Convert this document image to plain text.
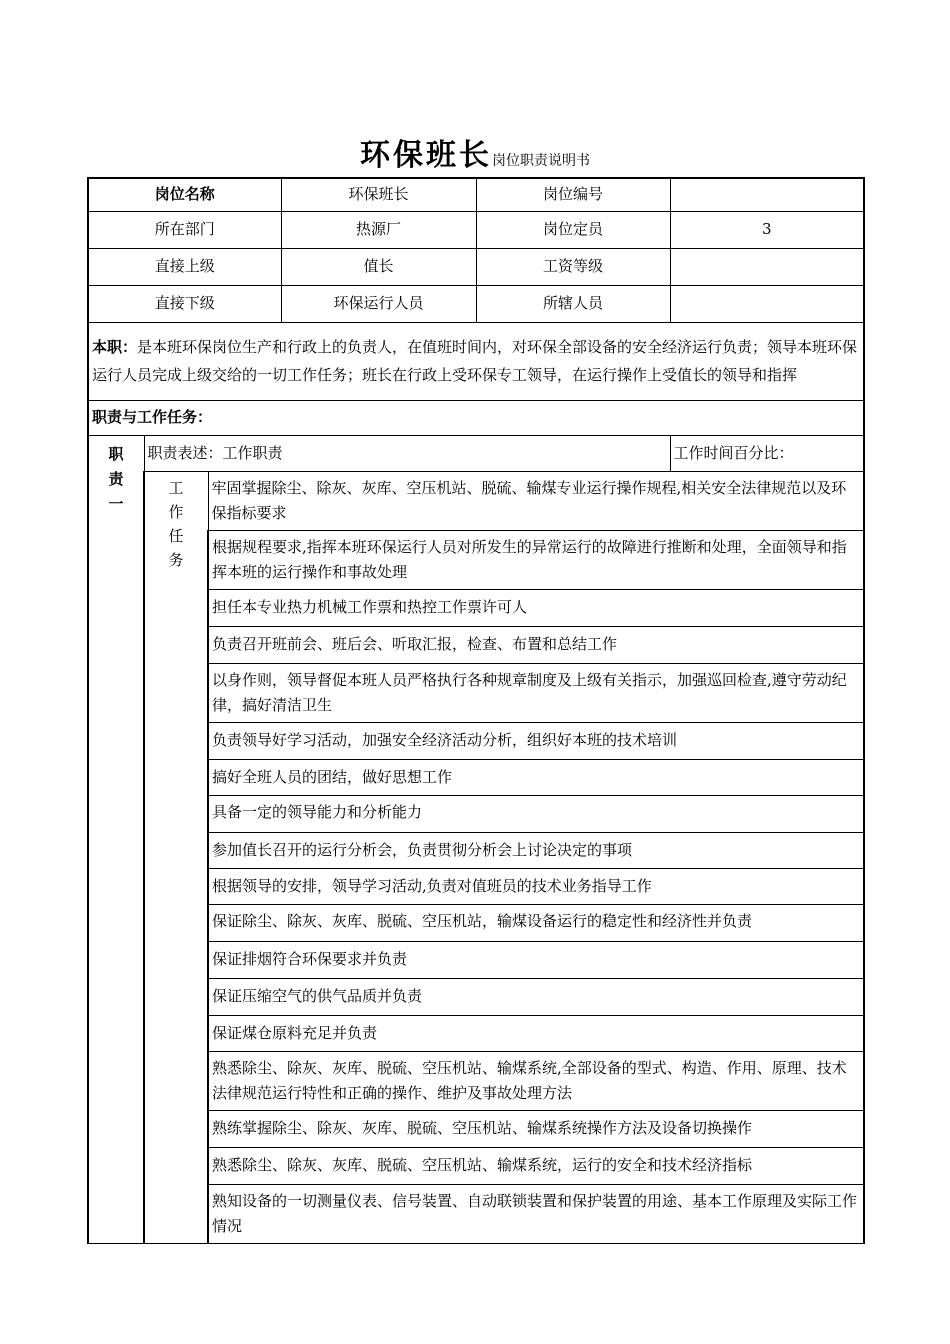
环保班长岗位职责说明书
岗位名称			环保班长	岗位编号	
所在部门			热源厂	岗位定员	3
直接上级			值长	工资等级	
直接下级			环保运行人员	所辖人员	
本职：是本班环保岗位生产和行政上的负责人，在值班时间内，对环保全部设备的安全经济运行负责；领导本班环保运行人员完成上级交给的一切工作任务；班长在行政上受环保专工领导，在运行操作上受值长的领导和指挥					
职责与工作任务：					

职
责
一	职责表述：工作职责				工作时间百分比：

	工
作
任
务	牢固掌握除尘、除灰、灰库、空压机站、脱硫、输煤专业运行操作规程,相关安全法律规范以及环保指标要求			
		根据规程要求,指挥本班环保运行人员对所发生的异常运行的故障进行推断和处理，全面领导和指挥本班的运行操作和事故处理			
		担任本专业热力机械工作票和热控工作票许可人			
		负责召开班前会、班后会、听取汇报，检查、布置和总结工作			
		以身作则，领导督促本班人员严格执行各种规章制度及上级有关指示，加强巡回检查,遵守劳动纪律，搞好清洁卫生			
		负责领导好学习活动，加强安全经济活动分析，组织好本班的技术培训			
		搞好全班人员的团结，做好思想工作			
		具备一定的领导能力和分析能力			
		参加值长召开的运行分析会，负责贯彻分析会上讨论决定的事项			
		根据领导的安排，领导学习活动,负责对值班员的技术业务指导工作			
		保证除尘、除灰、灰库、脱硫、空压机站，输煤设备运行的稳定性和经济性并负责			
		保证排烟符合环保要求并负责			
		保证压缩空气的供气品质并负责			
		保证煤仓原料充足并负责			
		熟悉除尘、除灰、灰库、脱硫、空压机站、输煤系统,全部设备的型式、构造、作用、原理、技术法律规范运行特性和正确的操作、维护及事故处理方法			
		熟练掌握除尘、除灰、灰库、脱硫、空压机站、输煤系统操作方法及设备切换操作			
		熟悉除尘、除灰、灰库、脱硫、空压机站、输煤系统，运行的安全和技术经济指标			
		熟知设备的一切测量仪表、信号装置、自动联锁装置和保护装置的用途、基本工作原理及实际工作情况			
